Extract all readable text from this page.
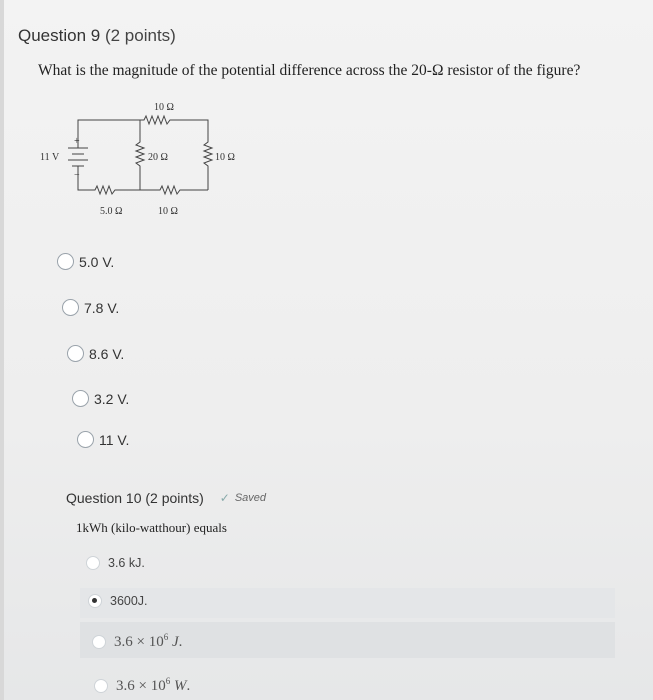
Question 9 (2 points)
What is the magnitude of the potential difference across the 20-Ω resistor of the figure?
10 Ω
20 Ω	10 Ω
11 V
+
−
5.0 Ω	10 Ω
5.0 V.
7.8 V.
8.6 V.
3.2 V.
11 V.
Question 10
(2 points) ✓ Saved
1kWh (kilo-watthour) equals
3.6 kJ.
3600J.
$3.6 \times 10^6$ J.
$3.6 \times 10^6$ W.
